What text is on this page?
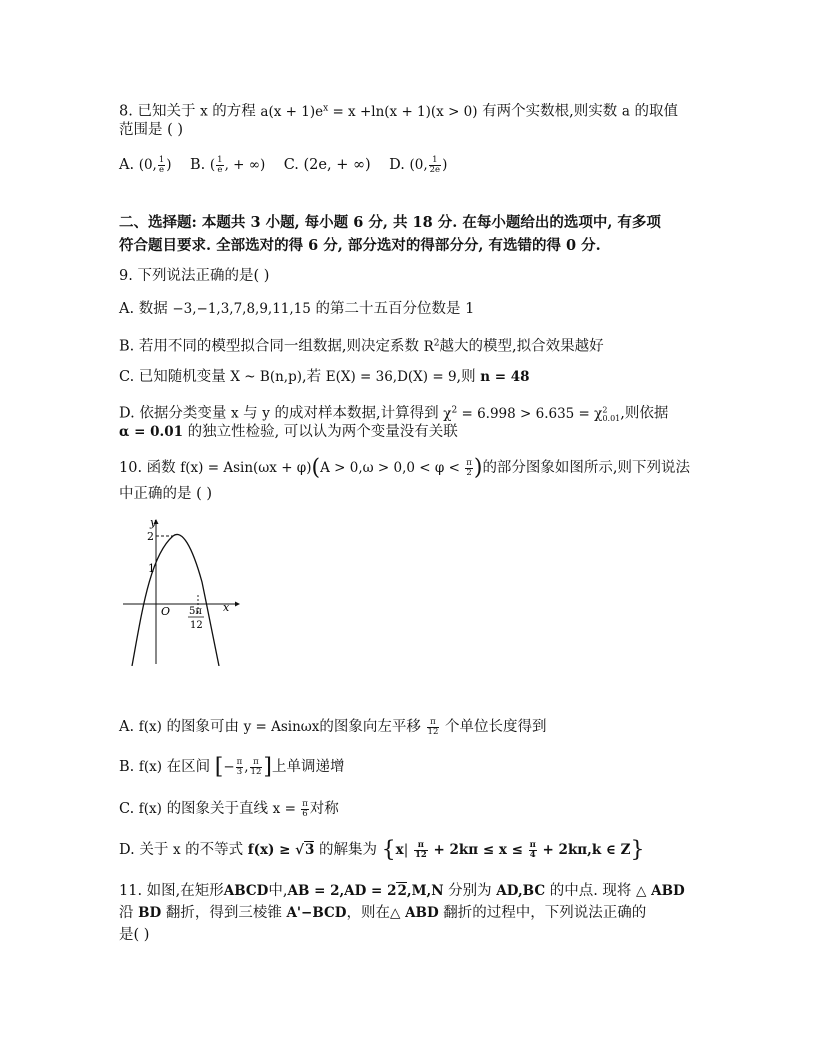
8. 已知关于 x 的方程 $a(x + 1)e^x = x +\ln(x + 1)(x > 0)$ 有两个实数根,则实数 a 的取值
范围是 ( )
A. (0, $\frac{1}{e}$ ) B. ( $\frac{1}{e}$ , + ∞) C. (2e, + ∞) D. (0, $\frac{1}{2e}$ )
二、选择题: 本题共 3 小题, 每小题 6 分, 共 18 分. 在每小题给出的选项中, 有多项
符合题目要求. 全部选对的得 6 分, 部分选对的得部分分, 有选错的得 0 分.
9. 下列说法正确的是( )
A. 数据 −3,−1,3,7,8,9,11,15 的第二十五百分位数是 1
B. 若用不同的模型拟合同一组数据,则决定系数 $R^2$越大的模型,拟合效果越好
C. 已知随机变量 X ~ B(n,p),若 E(X) = 36,D(X) = 9,则 n = 48
D. 依据分类变量 x 与 y 的成对样本数据,计算得到 $\chi^2 = 6.998 > 6.635 = \chi^2_{0.01}$,则依据
α = 0.01 的独立性检验, 可以认为两个变量没有关联
10. 函数 $f(x) = Asin(\omega x + \varphi)(A > 0,\omega > 0,0 < \varphi < \frac{\pi}{2}$ )的部分图象如图所示,则下列说法
中正确的是 ( )
y
x
O
2
1
5π
12
A. f(x) 的图象可由 y = Asinωx的图象向左平移 $\frac{\pi}{12}$ 个单位长度得到
B. f(x) 在区间 [− $\frac{\pi}{3}$ , $\frac{\pi}{12}$ ]上单调递增
C. f(x) 的图象关于直线 $x = \frac{\pi}{6}$ 对称
D. 关于 x 的不等式 f(x) ≥ √3 的解集为 {$x| \frac{\pi}{12} + 2k\pi \le x \le \frac{\pi}{4} + 2k\pi,k$ ∈ Z}
11. 如图,在矩形ABCD中,AB = 2,AD = 22,M,N 分别为 AD,BC 的中点. 现将 △ ABD
沿 BD 翻折，得到三棱锥 A'−BCD，则在△ ABD 翻折的过程中，下列说法正确的
是( )
